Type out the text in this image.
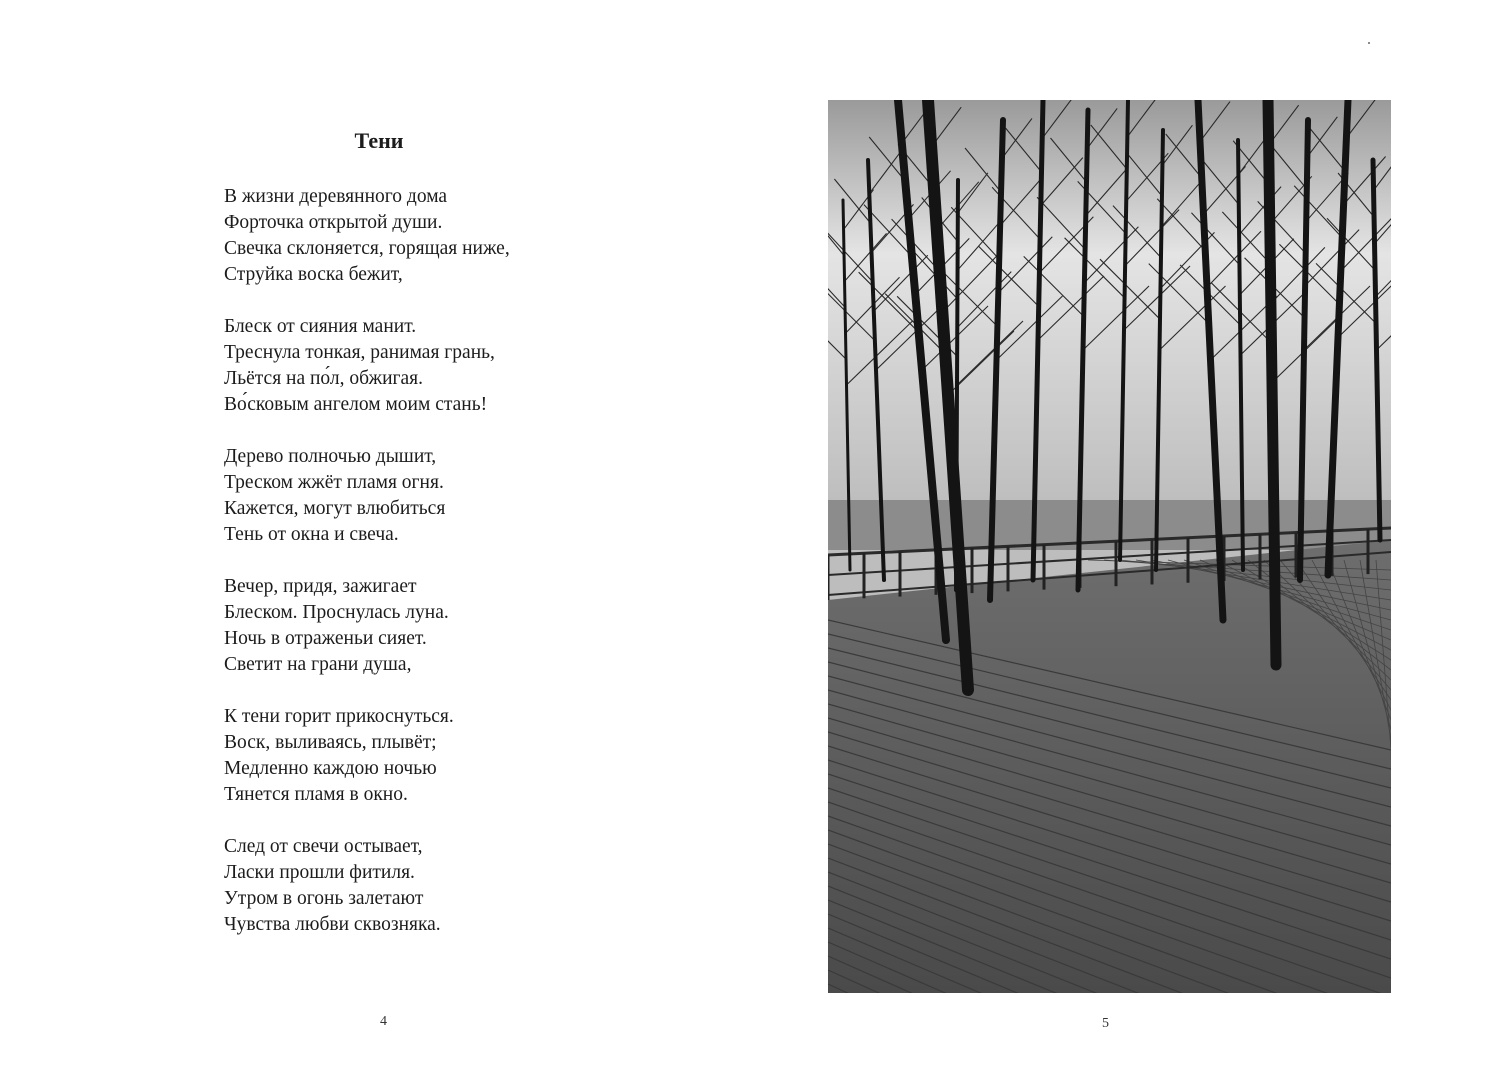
Тени
В жизни деревянного дома
Форточка открытой души.
Свечка склоняется, горящая ниже,
Струйка воска бежит,
Блеск от сияния манит.
Треснула тонкая, ранимая грань,
Льётся на по́л, обжигая.
Во́сковым ангелом моим стань!
Дерево полночью дышит,
Треском жжёт пламя огня.
Кажется, могут влюбиться
Тень от окна и свеча.
Вечер, придя, зажигает
Блеском. Проснулась луна.
Ночь в отраженьи сияет.
Светит на грани душа,
К тени горит прикоснуться.
Воск, выливаясь, плывёт;
Медленно каждою ночью
Тянется пламя в окно.
След от свечи остывает,
Ласки прошли фитиля.
Утром в огонь залетают
Чувства любви сквозняка.
4	5
